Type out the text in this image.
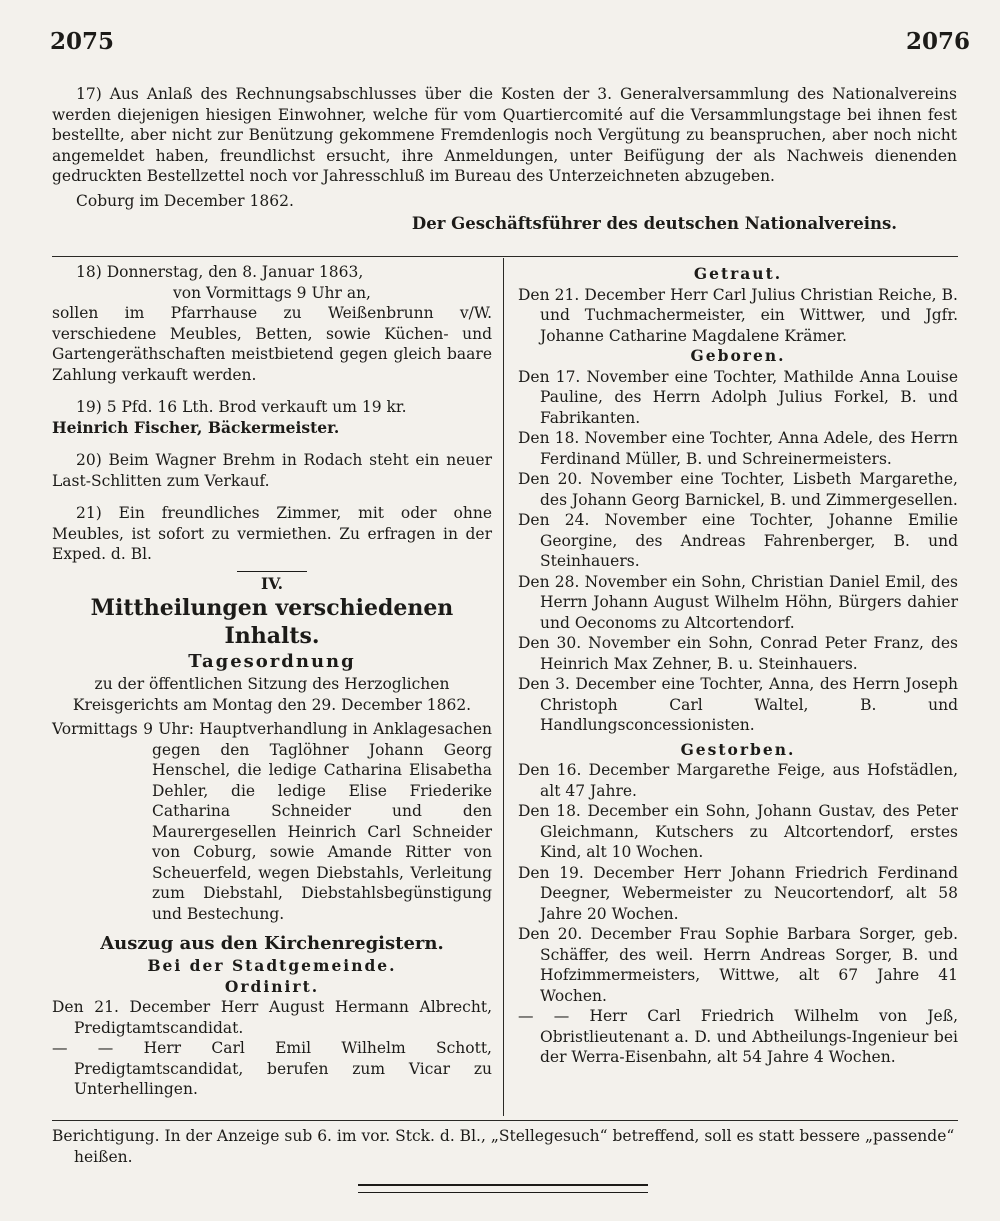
2075	2076

17) Aus Anlaß des Rechnungsabschlusses über die Kosten der 3. Generalversammlung des Nationalvereins werden diejenigen hiesigen Einwohner, welche für vom Quartiercomité auf die Versammlungstage bei ihnen fest bestellte, aber nicht zur Benützung gekommene Fremdenlogis noch Vergütung zu beanspruchen, aber noch nicht angemeldet haben, freundlichst ersucht, ihre Anmeldungen, unter Beifügung der als Nachweis dienenden gedruckten Bestellzettel noch vor Jahresschluß im Bureau des Unterzeichneten abzugeben.

Coburg im December 1862.

Der Geschäftsführer des deutschen Nationalvereins.

18) Donnerstag, den 8. Januar 1863,

von Vormittags 9 Uhr an,

sollen im Pfarrhause zu Weißenbrunn v/W. verschiedene Meubles, Betten, sowie Küchen- und Gartengeräthschaften meistbietend gegen gleich baare Zahlung verkauft werden.

19) 5 Pfd. 16 Lth. Brod verkauft um 19 kr.

Heinrich Fischer, Bäckermeister.

20) Beim Wagner Brehm in Rodach steht ein neuer Last-Schlitten zum Verkauf.

21) Ein freundliches Zimmer, mit oder ohne Meubles, ist sofort zu vermiethen. Zu erfragen in der Exped. d. Bl.

IV.

Mittheilungen verschiedenen Inhalts.

Tagesordnung

zu der öffentlichen Sitzung des Herzoglichen Kreisgerichts am Montag den 29. December 1862.

Vormittags 9 Uhr: Hauptverhandlung in Anklagesachen gegen den Taglöhner Johann Georg Henschel, die ledige Catharina Elisabetha Dehler, die ledige Elise Friederike Catharina Schneider und den Maurergesellen Heinrich Carl Schneider von Coburg, sowie Amande Ritter von Scheuerfeld, wegen Diebstahls, Verleitung zum Diebstahl, Diebstahlsbegünstigung und Bestechung.

Auszug aus den Kirchenregistern.

Bei der Stadtgemeinde.

Ordinirt.

Den 21. December Herr August Hermann Albrecht, Predigtamtscandidat.

— — Herr Carl Emil Wilhelm Schott, Predigtamtscandidat, berufen zum Vicar zu Unterhellingen.

Getraut.

Den 21. December Herr Carl Julius Christian Reiche, B. und Tuchmachermeister, ein Wittwer, und Jgfr. Johanne Catharine Magdalene Krämer.

Geboren.

Den 17. November eine Tochter, Mathilde Anna Louise Pauline, des Herrn Adolph Julius Forkel, B. und Fabrikanten.

Den 18. November eine Tochter, Anna Adele, des Herrn Ferdinand Müller, B. und Schreinermeisters.

Den 20. November eine Tochter, Lisbeth Margarethe, des Johann Georg Barnickel, B. und Zimmergesellen.

Den 24. November eine Tochter, Johanne Emilie Georgine, des Andreas Fahrenberger, B. und Steinhauers.

Den 28. November ein Sohn, Christian Daniel Emil, des Herrn Johann August Wilhelm Höhn, Bürgers dahier und Oeconoms zu Altcortendorf.

Den 30. November ein Sohn, Conrad Peter Franz, des Heinrich Max Zehner, B. u. Steinhauers.

Den 3. December eine Tochter, Anna, des Herrn Joseph Christoph Carl Waltel, B. und Handlungsconcessionisten.

Gestorben.

Den 16. December Margarethe Feige, aus Hofstädlen, alt 47 Jahre.

Den 18. December ein Sohn, Johann Gustav, des Peter Gleichmann, Kutschers zu Altcortendorf, erstes Kind, alt 10 Wochen.

Den 19. December Herr Johann Friedrich Ferdinand Deegner, Webermeister zu Neucortendorf, alt 58 Jahre 20 Wochen.

Den 20. December Frau Sophie Barbara Sorger, geb. Schäffer, des weil. Herrn Andreas Sorger, B. und Hofzimmermeisters, Wittwe, alt 67 Jahre 41 Wochen.

— — Herr Carl Friedrich Wilhelm von Jeß, Obristlieutenant a. D. und Abtheilungs-Ingenieur bei der Werra-Eisenbahn, alt 54 Jahre 4 Wochen.

Berichtigung. In der Anzeige sub 6. im vor. Stck. d. Bl., „Stellegesuch“ betreffend, soll es statt bessere „passende“ heißen.
